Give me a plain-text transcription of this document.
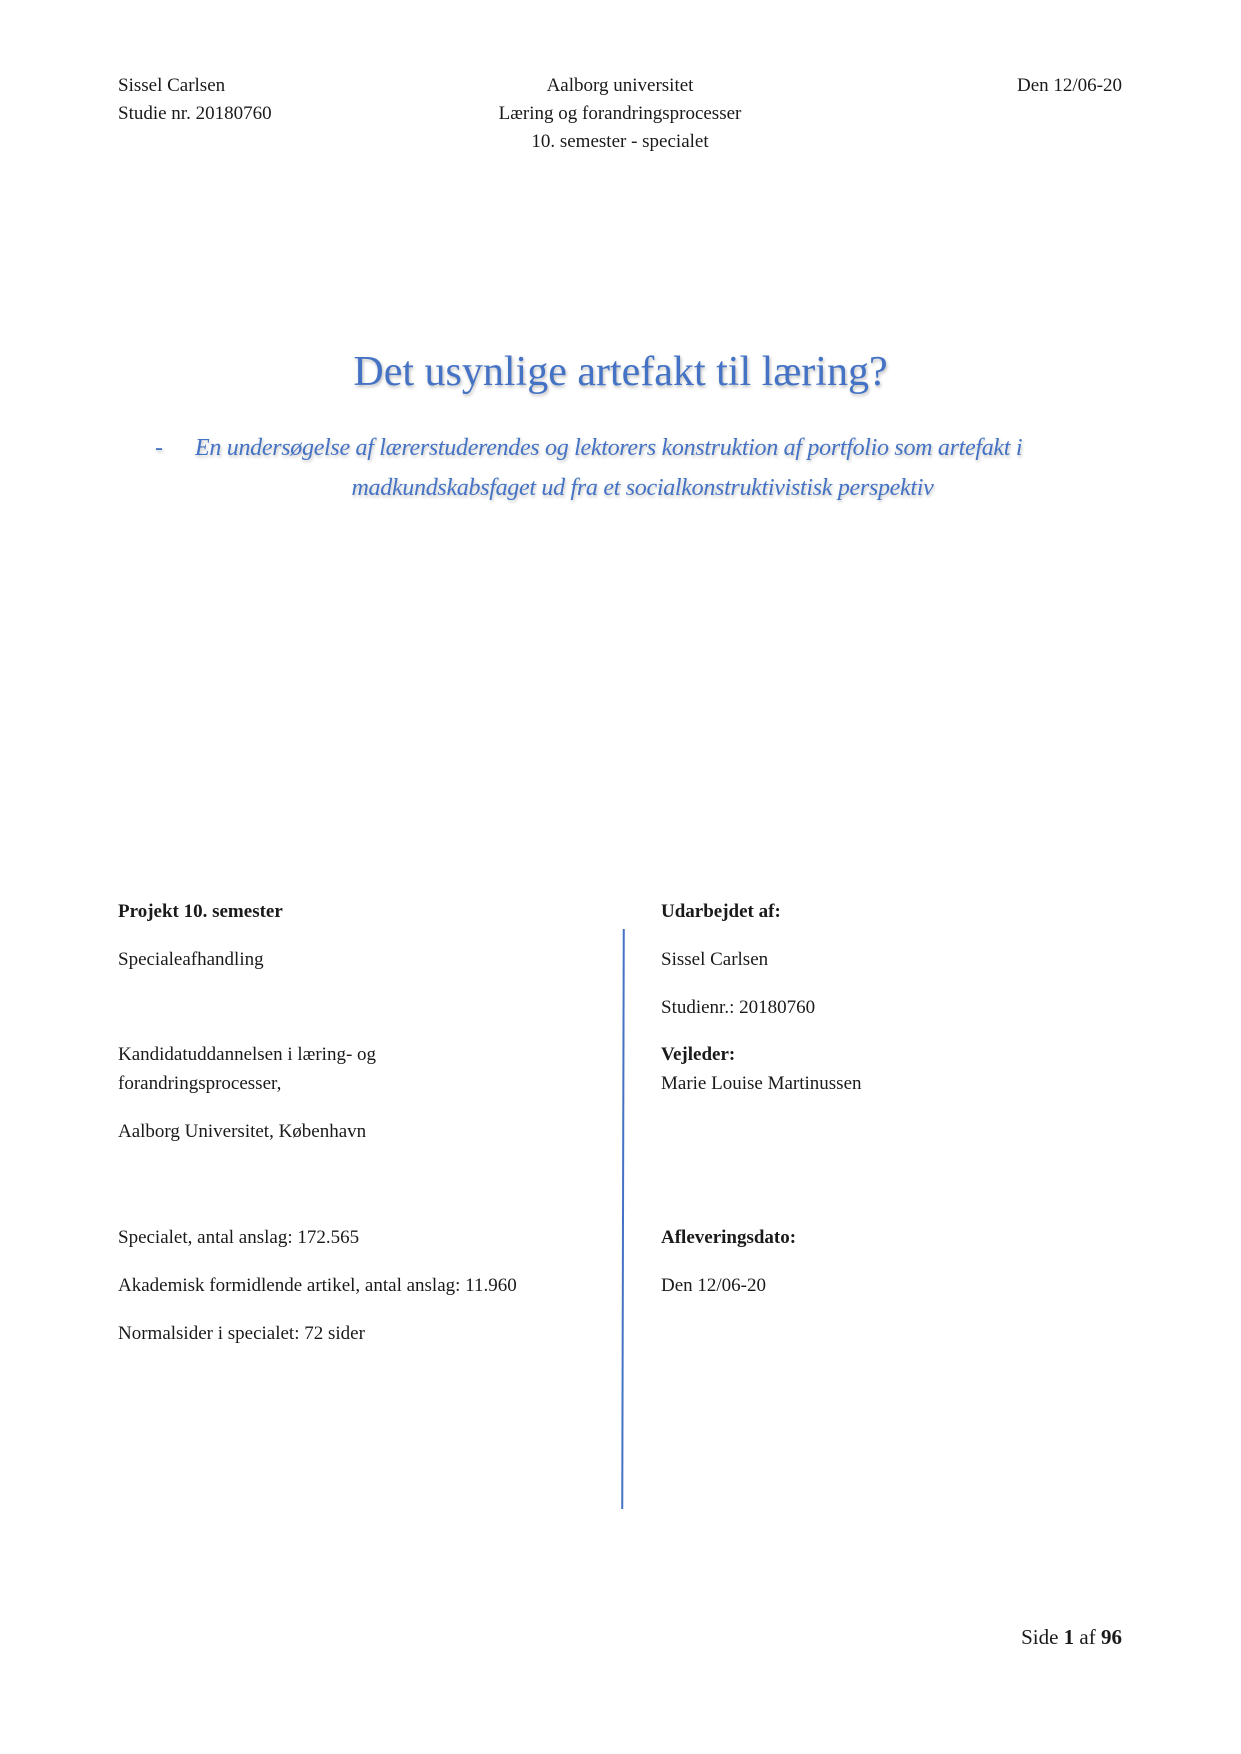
Sissel Carlsen
Studie nr. 20180760
Aalborg universitet
Læring og forandringsprocesser
10. semester - specialet
Den 12/06-20
Det usynlige artefakt til læring?
- En undersøgelse af lærerstuderendes og lektorers konstruktion af portfolio som artefakt i
madkundskabsfaget ud fra et socialkonstruktivistisk perspektiv
Projekt 10. semester
Specialeafhandling
Kandidatuddannelsen i læring- og
forandringsprocesser,
Aalborg Universitet, København
Specialet, antal anslag: 172.565
Akademisk formidlende artikel, antal anslag: 11.960
Normalsider i specialet: 72 sider
Udarbejdet af:
Sissel Carlsen
Studienr.: 20180760
Vejleder:
Marie Louise Martinussen
Afleveringsdato:
Den 12/06-20
Side 1 af 96
